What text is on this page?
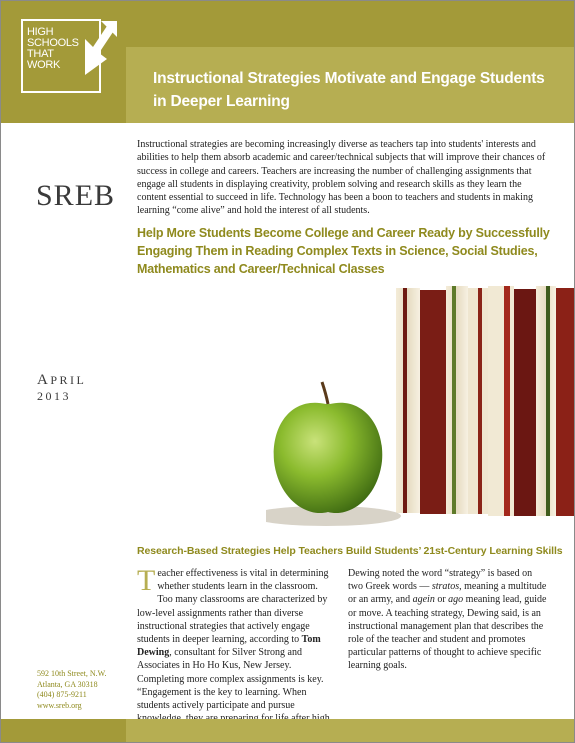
HIGH
SCHOOLS
THAT
WORK
Instructional Strategies Motivate and Engage Students
in Deeper Learning
SREB
Instructional strategies are becoming increasingly diverse as teachers tap into students' interests and abilities to help them absorb academic and career/technical subjects that will improve their chances of success in college and careers. Teachers are increasing the number of challenging assignments that engage all students in displaying creativity, problem solving and research skills as they learn the content essential to succeed in life. Technology has been a boon to teachers and students in making learning “come alive” and hold the interest of all students.
Help More Students Become College and Career Ready by Successfully
Engaging Them in Reading Complex Texts in Science, Social Studies,
Mathematics and Career/Technical Classes
APRIL
2013
Research-Based Strategies Help Teachers Build Students’ 21st-Century Learning Skills
Teacher effectiveness is vital in determining whether students learn in the classroom. Too many classrooms are characterized by low-level assignments rather than diverse instructional strategies that actively engage students in deeper learning, according to Tom Dewing, consultant for Silver Strong and Associates in Ho Ho Kus, New Jersey. Completing more complex assignments is key. “Engagement is the key to learning. When students actively participate and pursue
Dewing noted the word “strategy” is based on two Greek words — stratos, meaning a multitude or an army, and agein or ago meaning lead, guide or move. A teaching strategy, Dewing said, is an instructional management plan that describes the role of the teacher and student and promotes particular patterns of thought to achieve specific learning goals.
592 10th Street, N.W.
Atlanta, GA 30318
(404) 875-9211
www.sreb.org
